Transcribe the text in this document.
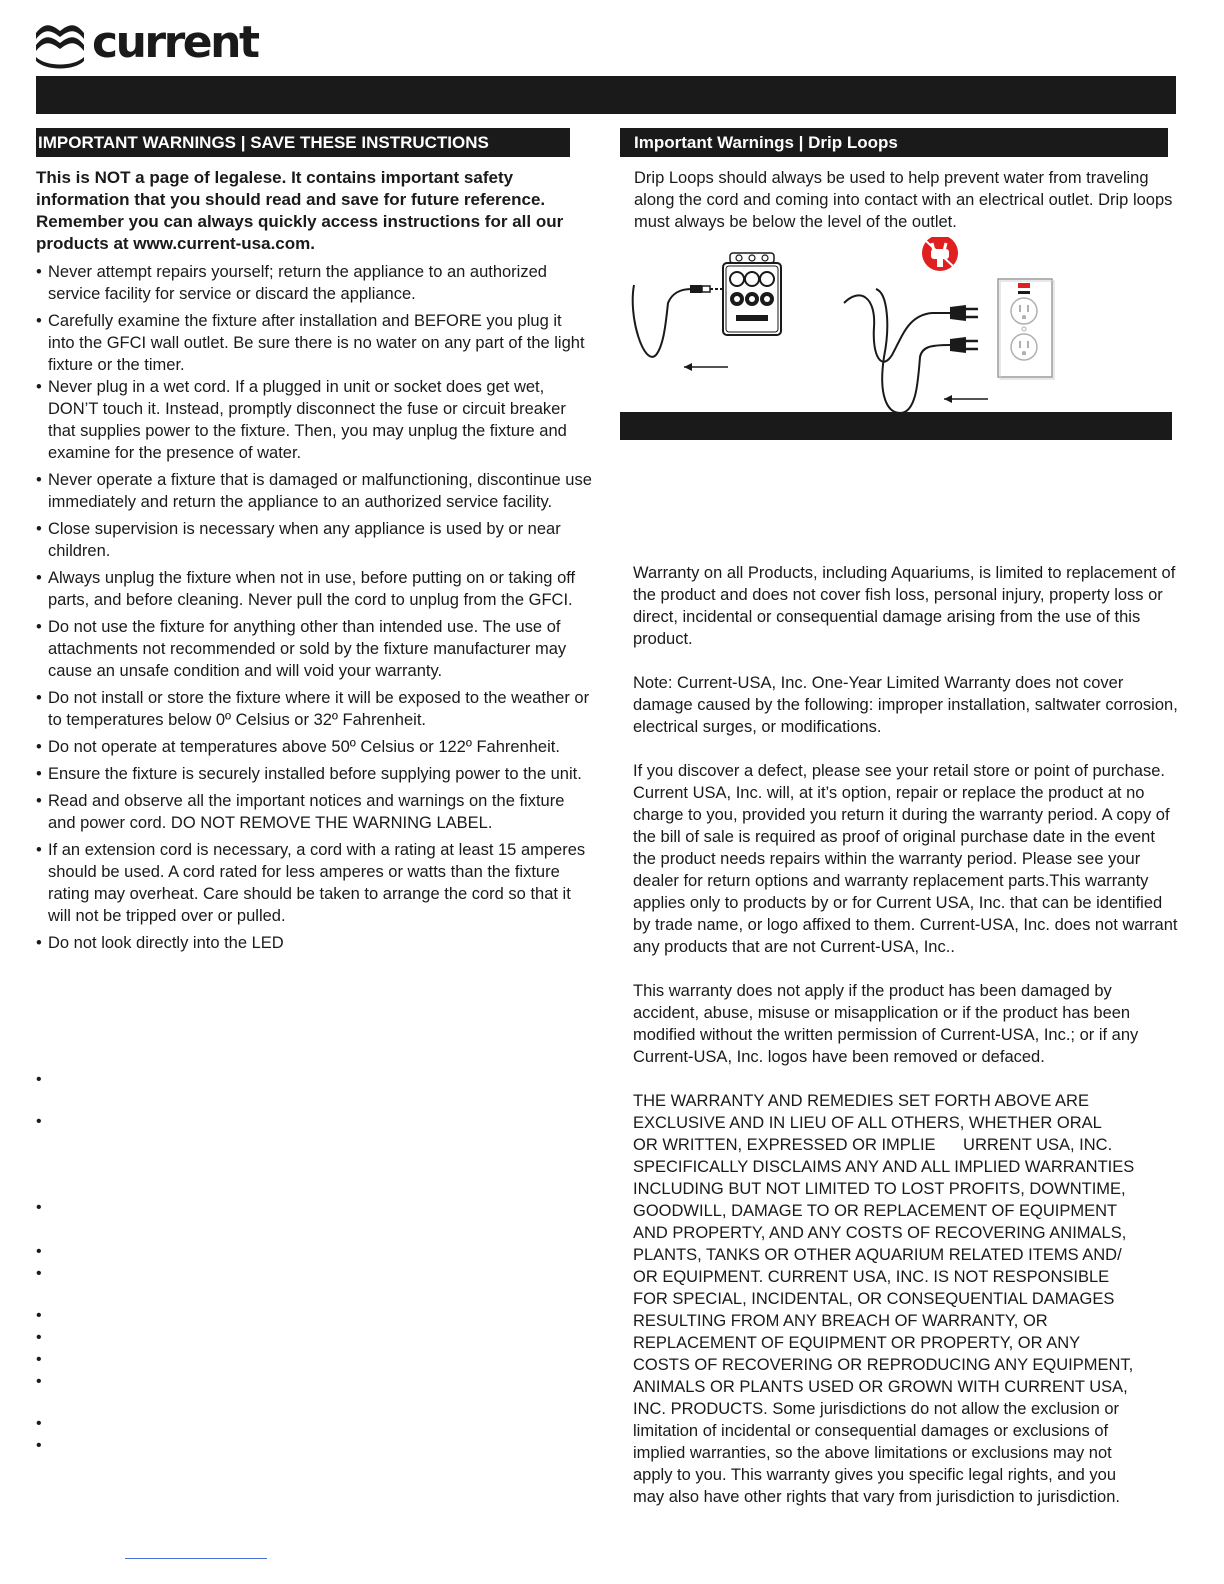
current
IMPORTANT WARNINGS | SAVE THESE INSTRUCTIONS

This is NOT a page of legalese. It contains important safety information that you should read and save for future reference. Remember you can always quickly access instructions for all our products at www.current-usa.com.

• Never attempt repairs yourself; return the appliance to an authorized service facility for service or discard the appliance.
• Carefully examine the fixture after installation and BEFORE you plug it into the GFCI wall outlet. Be sure there is no water on any part of the light fixture or the timer.
• Never plug in a wet cord. If a plugged in unit or socket does get wet, DON’T touch it. Instead, promptly disconnect the fuse or circuit breaker that supplies power to the fixture. Then, you may unplug the fixture and examine for the presence of water.
• Never operate a fixture that is damaged or malfunctioning, discontinue use immediately and return the appliance to an authorized service facility.
• Close supervision is necessary when any appliance is used by or near children.
• Always unplug the fixture when not in use, before putting on or taking off parts, and before cleaning. Never pull the cord to unplug from the GFCI.
• Do not use the fixture for anything other than intended use. The use of attachments not recommended or sold by the fixture manufacturer may cause an unsafe condition and will void your warranty.
• Do not install or store the fixture where it will be exposed to the weather or to temperatures below 0º Celsius or 32º Fahrenheit.
• Do not operate at temperatures above 50º Celsius or 122º Fahrenheit.
• Ensure the fixture is securely installed before supplying power to the unit.
• Read and observe all the important notices and warnings on the fixture and power cord. DO NOT REMOVE THE WARNING LABEL.
• If an extension cord is necessary, a cord with a rating at least 15 amperes should be used. A cord rated for less amperes or watts than the fixture rating may overheat. Care should be taken to arrange the cord so that it will not be tripped over or pulled.
• Do not look directly into the LED
•
•
•
•
•
•
•
•
•
•
•
Important Warnings | Drip Loops

Drip Loops should always be used to help prevent water from traveling along the cord and coming into contact with an electrical outlet. Drip loops must always be below the level of the outlet.

Warranty on all Products, including Aquariums, is limited to replacement of the product and does not cover fish loss, personal injury, property loss or direct, incidental or consequential damage arising from the use of this product.

Note: Current-USA, Inc. One-Year Limited Warranty does not cover damage caused by the following: improper installation, saltwater corrosion, electrical surges, or modifications.

If you discover a defect, please see your retail store or point of purchase. Current USA, Inc. will, at it’s option, repair or replace the product at no charge to you, provided you return it during the warranty period. A copy of the bill of sale is required as proof of original purchase date in the event the product needs repairs within the warranty period. Please see your dealer for return options and warranty replacement parts.This warranty applies only to products by or for Current USA, Inc. that can be identified by trade name, or logo affixed to them. Current-USA, Inc. does not warrant any products that are not Current-USA, Inc..

This warranty does not apply if the product has been damaged by accident, abuse, misuse or misapplication or if the product has been modified without the written permission of Current-USA, Inc.; or if any Current-USA, Inc. logos have been removed or defaced.

THE WARRANTY AND REMEDIES SET FORTH ABOVE ARE
EXCLUSIVE AND IN LIEU OF ALL OTHERS, WHETHER ORAL
OR WRITTEN, EXPRESSED OR IMPLIE      URRENT USA, INC.
SPECIFICALLY DISCLAIMS ANY AND ALL IMPLIED WARRANTIES
INCLUDING BUT NOT LIMITED TO LOST PROFITS, DOWNTIME,
GOODWILL, DAMAGE TO OR REPLACEMENT OF EQUIPMENT
AND PROPERTY, AND ANY COSTS OF RECOVERING ANIMALS,
PLANTS, TANKS OR OTHER AQUARIUM RELATED ITEMS AND/
OR EQUIPMENT. CURRENT USA, INC. IS NOT RESPONSIBLE
FOR SPECIAL, INCIDENTAL, OR CONSEQUENTIAL DAMAGES
RESULTING FROM ANY BREACH OF WARRANTY, OR
REPLACEMENT OF EQUIPMENT OR PROPERTY, OR ANY
COSTS OF RECOVERING OR REPRODUCING ANY EQUIPMENT,
ANIMALS OR PLANTS USED OR GROWN WITH CURRENT USA,
INC. PRODUCTS. Some jurisdictions do not allow the exclusion or
limitation of incidental or consequential damages or exclusions of
implied warranties, so the above limitations or exclusions may not
apply to you. This warranty gives you specific legal rights, and you
may also have other rights that vary from jurisdiction to jurisdiction.
